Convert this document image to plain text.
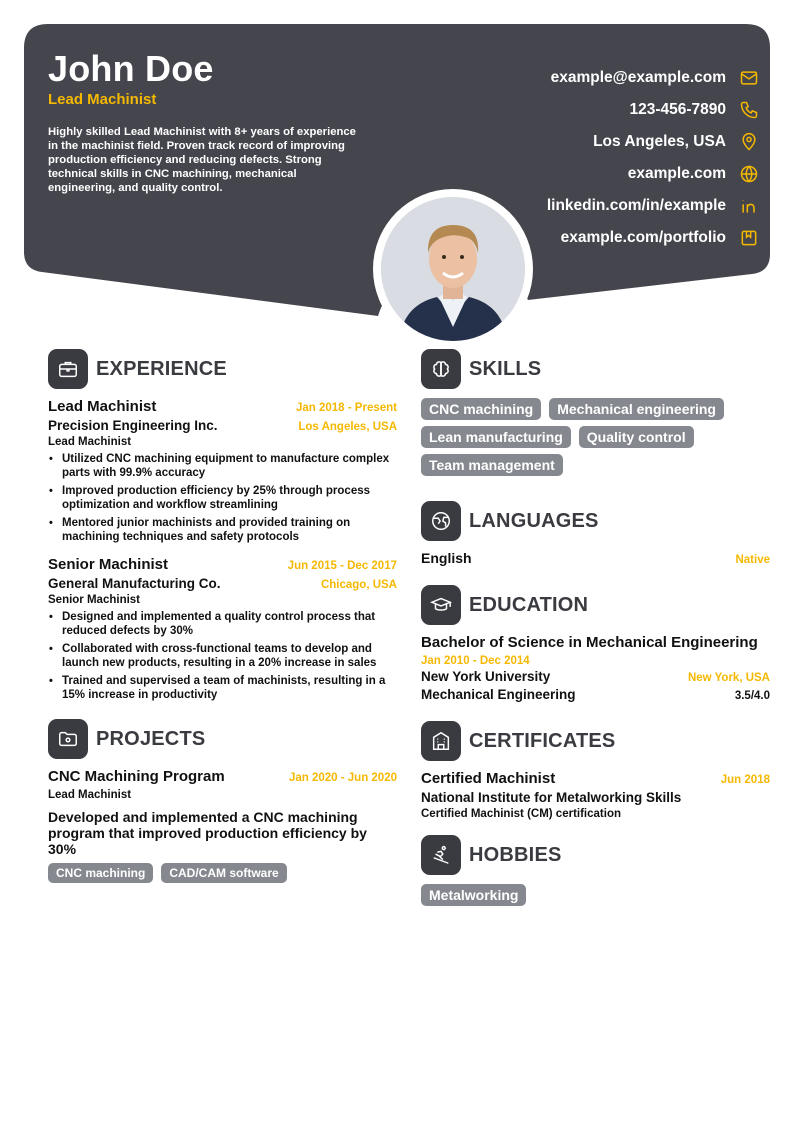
John Doe
Lead Machinist
Highly skilled Lead Machinist with 8+ years of experience in the machinist field. Proven track record of improving production efficiency and reducing defects. Strong technical skills in CNC machining, mechanical engineering, and quality control.
example@example.com
123-456-7890
Los Angeles, USA
example.com
linkedin.com/in/example
example.com/portfolio
EXPERIENCE
Lead Machinist	Jan 2018 - Present
Precision Engineering Inc.	Los Angeles, USA
Lead Machinist
• Utilized CNC machining equipment to manufacture complex parts with 99.9% accuracy
• Improved production efficiency by 25% through process optimization and workflow streamlining
• Mentored junior machinists and provided training on machining techniques and safety protocols
Senior Machinist	Jun 2015 - Dec 2017
General Manufacturing Co.	Chicago, USA
Senior Machinist
• Designed and implemented a quality control process that reduced defects by 30%
• Collaborated with cross-functional teams to develop and launch new products, resulting in a 20% increase in sales
• Trained and supervised a team of machinists, resulting in a 15% increase in productivity
PROJECTS
CNC Machining Program	Jan 2020 - Jun 2020
Lead Machinist
Developed and implemented a CNC machining program that improved production efficiency by 30%
CNC machining	CAD/CAM software
SKILLS
CNC machining	Mechanical engineering
Lean manufacturing	Quality control
Team management
LANGUAGES
English	Native
EDUCATION
Bachelor of Science in Mechanical Engineering
Jan 2010 - Dec 2014
New York University	New York, USA
Mechanical Engineering	3.5/4.0
CERTIFICATES
Certified Machinist	Jun 2018
National Institute for Metalworking Skills
Certified Machinist (CM) certification
HOBBIES
Metalworking
